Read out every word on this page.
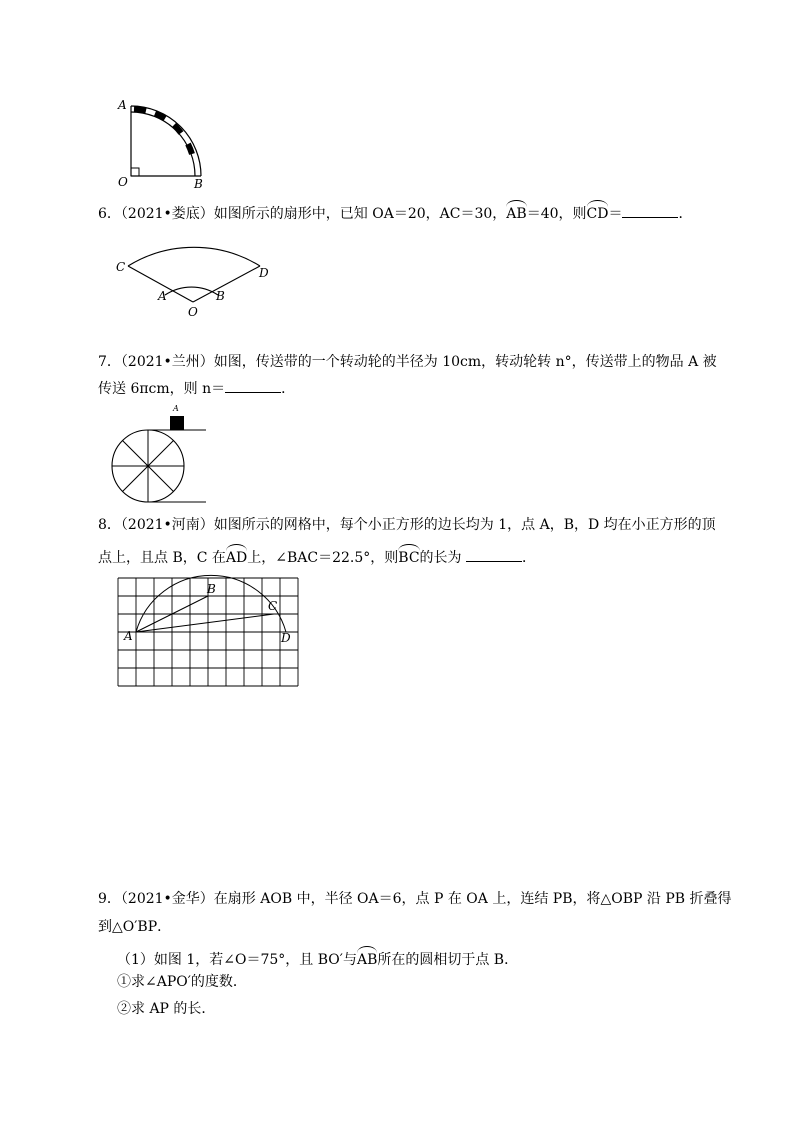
A
O	B
6．（2021•娄底）如图所示的扇形中，已知 OA＝20，AC＝30，AB＝40，则CD＝	．
C	D
A	B
O
7．（2021•兰州）如图，传送带的一个转动轮的半径为 10cm，转动轮转 n°，传送带上的物品 A 被
传送 6πcm，则 n＝	．
A
8．（2021•河南）如图所示的网格中，每个小正方形的边长均为 1，点 A，B，D 均在小正方形的顶
点上，且点 B，C 在AD上，∠BAC＝22.5°，则BC的长为	．
A
B
C
D
9．（2021•金华）在扇形 AOB 中，半径 OA＝6，点 P 在 OA 上，连结 PB，将△OBP 沿 PB 折叠得
到△O′BP．
（1）如图 1，若∠O＝75°，且 BO′与AB所在的圆相切于点 B．
①求∠APO′的度数．
②求 AP 的长．
